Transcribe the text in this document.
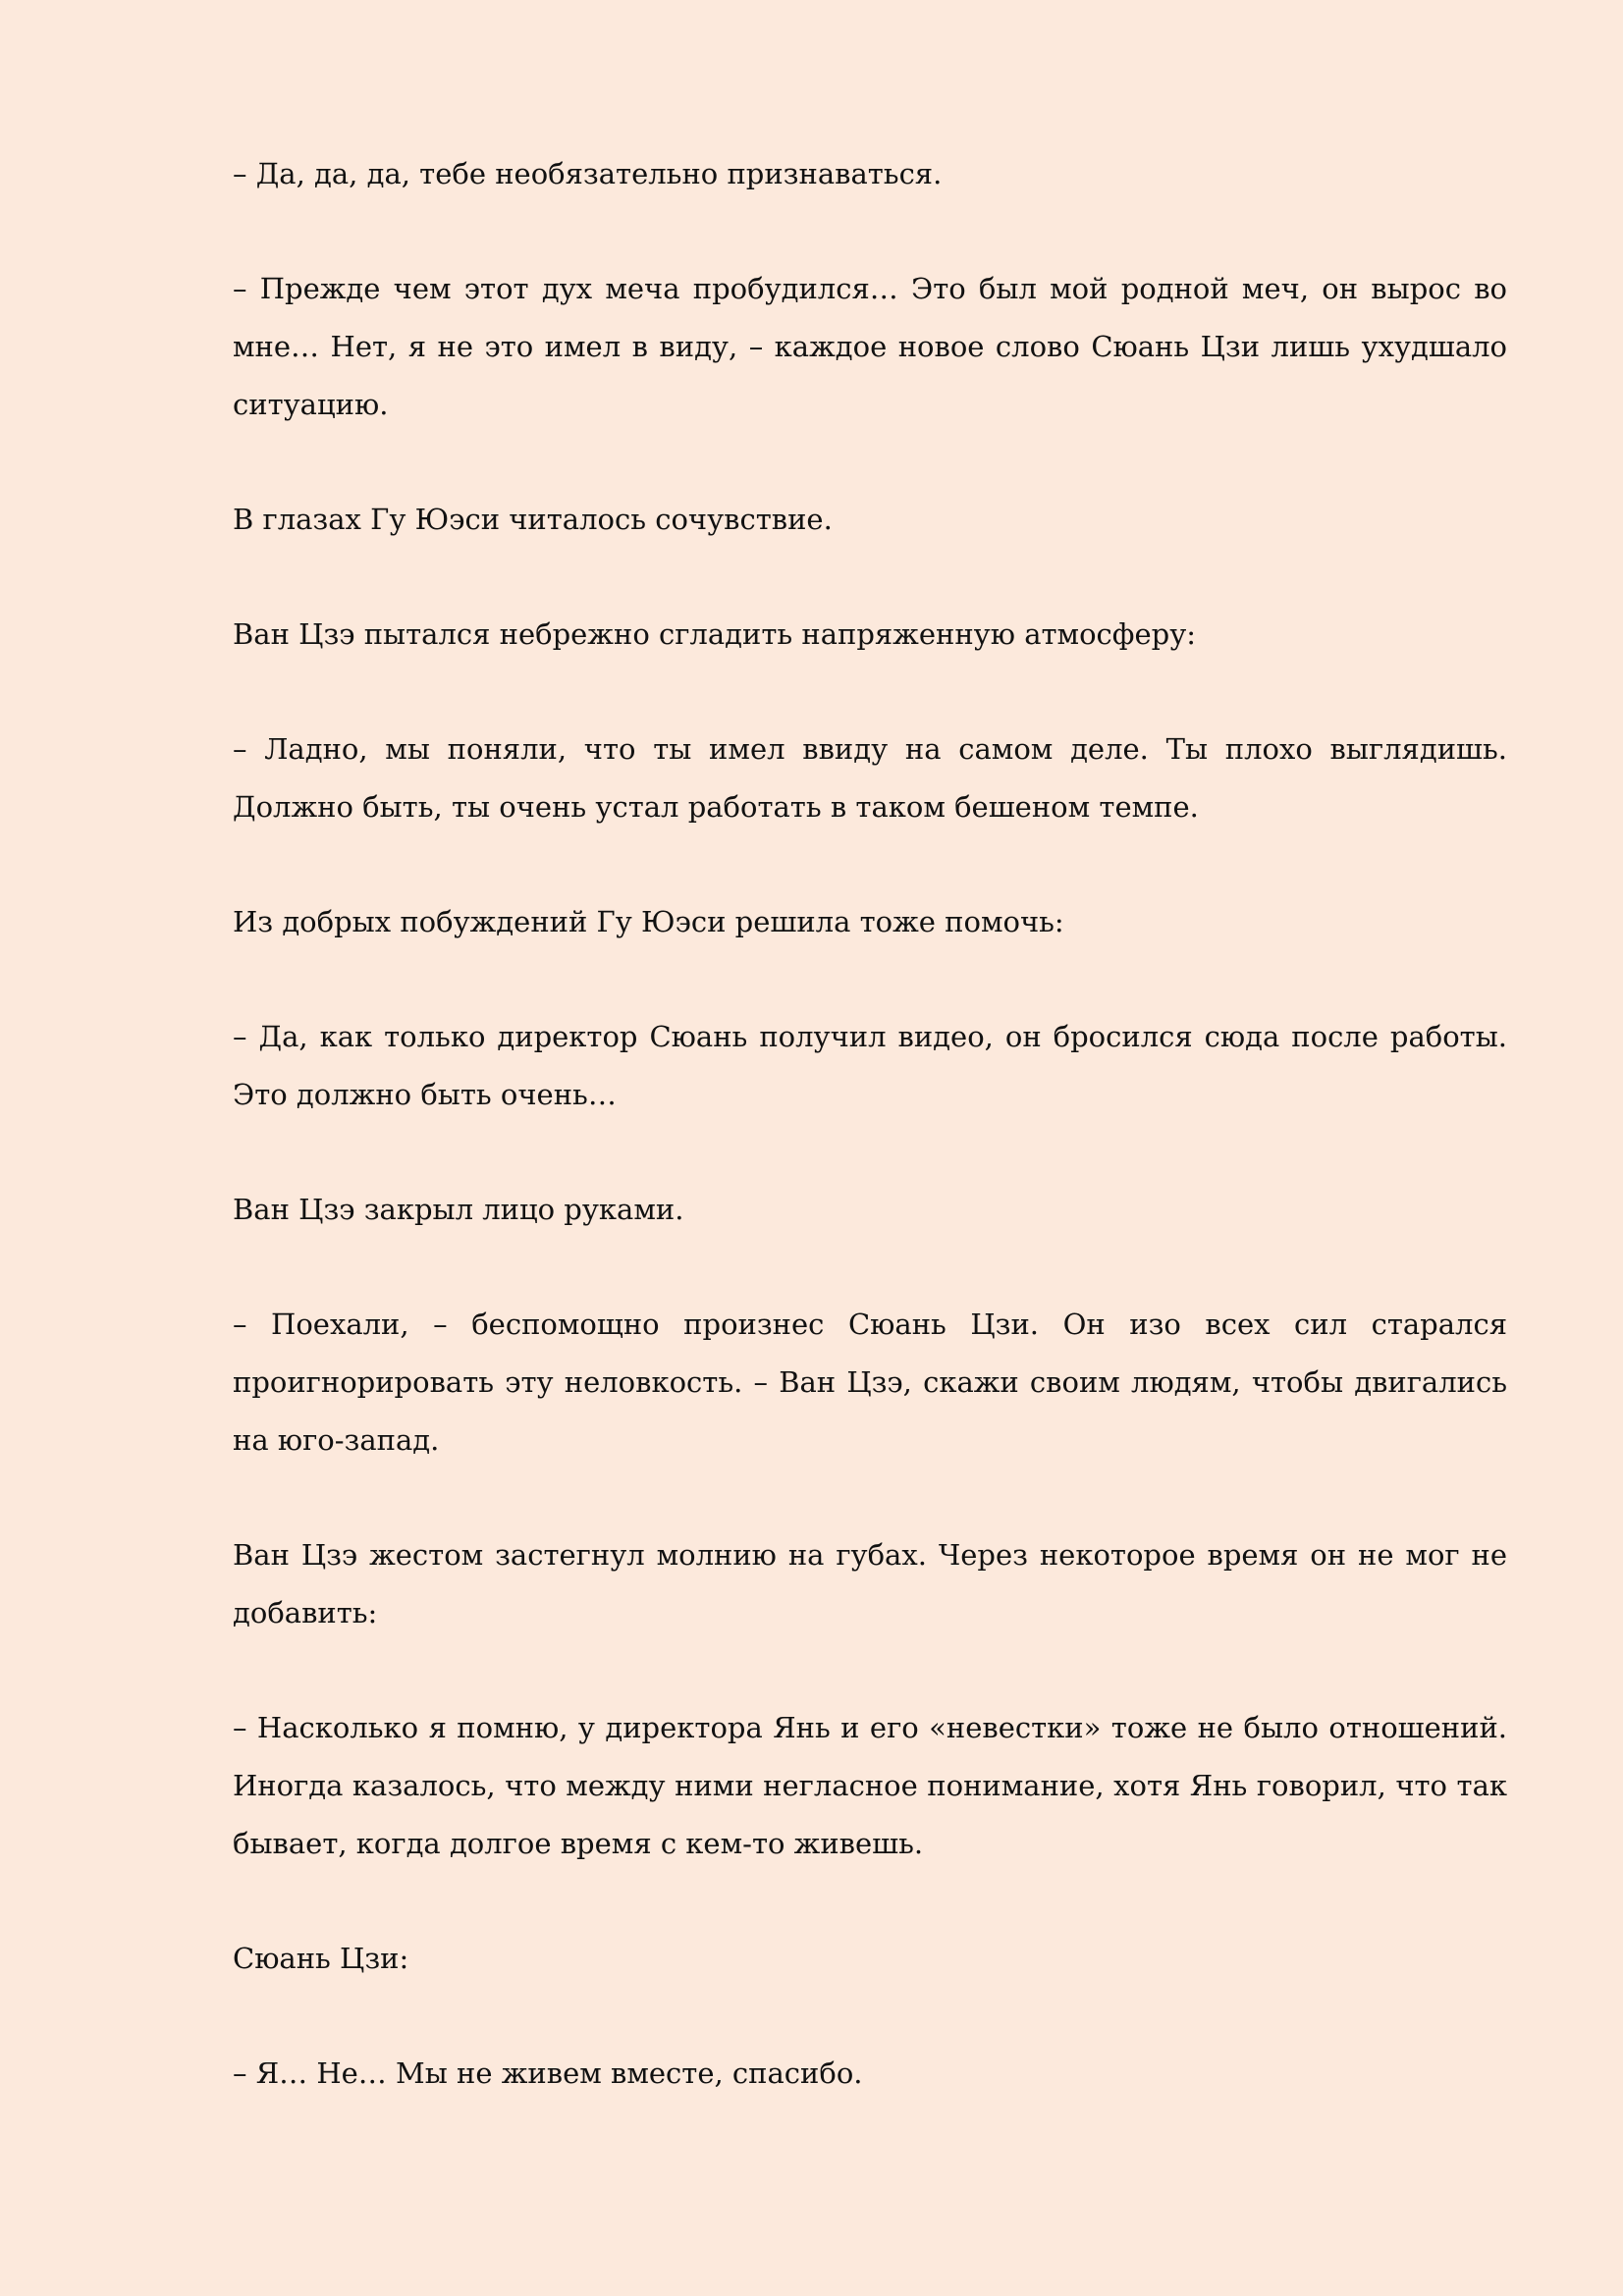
– Да, да, да, тебе необязательно признаваться.

– Прежде чем этот дух меча пробудился… Это был мой родной меч, он вырос во мне… Нет, я не это имел в виду, – каждое новое слово Сюань Цзи лишь ухудшало ситуацию.

В глазах Гу Юэси читалось сочувствие.

Ван Цзэ пытался небрежно сгладить напряженную атмосферу:

– Ладно, мы поняли, что ты имел ввиду на самом деле. Ты плохо выглядишь. Должно быть, ты очень устал работать в таком бешеном темпе.

Из добрых побуждений Гу Юэси решила тоже помочь:

– Да, как только директор Сюань получил видео, он бросился сюда после работы. Это должно быть очень…

Ван Цзэ закрыл лицо руками.

– Поехали, – беспомощно произнес Сюань Цзи. Он изо всех сил старался проигнорировать эту неловкость. – Ван Цзэ, скажи своим людям, чтобы двигались на юго-запад.

Ван Цзэ жестом застегнул молнию на губах. Через некоторое время он не мог не добавить:

– Насколько я помню, у директора Янь и его «невестки» тоже не было отношений. Иногда казалось, что между ними негласное понимание, хотя Янь говорил, что так бывает, когда долгое время с кем-то живешь.

Сюань Цзи:

– Я… Не… Мы не живем вместе, спасибо.
